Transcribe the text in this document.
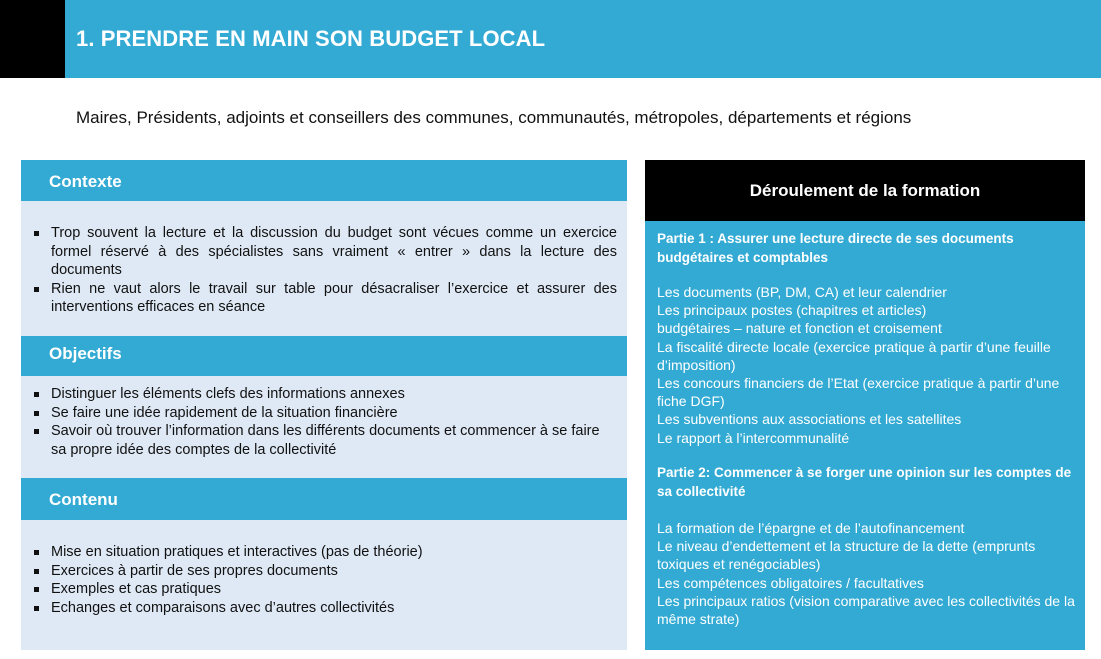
1. PRENDRE EN MAIN SON BUDGET LOCAL

Maires, Présidents, adjoints et conseillers des communes, communautés, métropoles, départements et régions

Contexte
Trop souvent la lecture et la discussion du budget sont vécues comme un exercice formel réservé à des spécialistes sans vraiment « entrer » dans la lecture des documents
Rien ne vaut alors le travail sur table pour désacraliser l’exercice et assurer des interventions efficaces en séance
Objectifs
Distinguer les éléments clefs des informations annexes
Se faire une idée rapidement de la situation financière
Savoir où trouver l’information dans les différents documents et commencer à se faire sa propre idée des comptes de la collectivité
Contenu
Mise en situation pratiques et interactives (pas de théorie)
Exercices à partir de ses propres documents
Exemples et cas pratiques
Echanges et comparaisons avec d’autres collectivités
Déroulement de la formation
Partie 1 : Assurer une lecture directe de ses documents budgétaires et comptables
Les documents (BP, DM, CA) et leur calendrier
Les principaux postes (chapitres et articles)
budgétaires – nature et fonction et croisement
La fiscalité directe locale (exercice pratique à partir d’une feuille d’imposition)
Les concours financiers de l’Etat (exercice pratique à partir d’une fiche DGF)
Les subventions aux associations et les satellites
Le rapport à l’intercommunalité
Partie 2: Commencer à se forger une opinion sur les comptes de sa collectivité
La formation de l’épargne et de l’autofinancement
Le niveau d’endettement et la structure de la dette (emprunts toxiques et renégociables)
Les compétences obligatoires / facultatives
Les principaux ratios (vision comparative avec les collectivités de la même strate)
